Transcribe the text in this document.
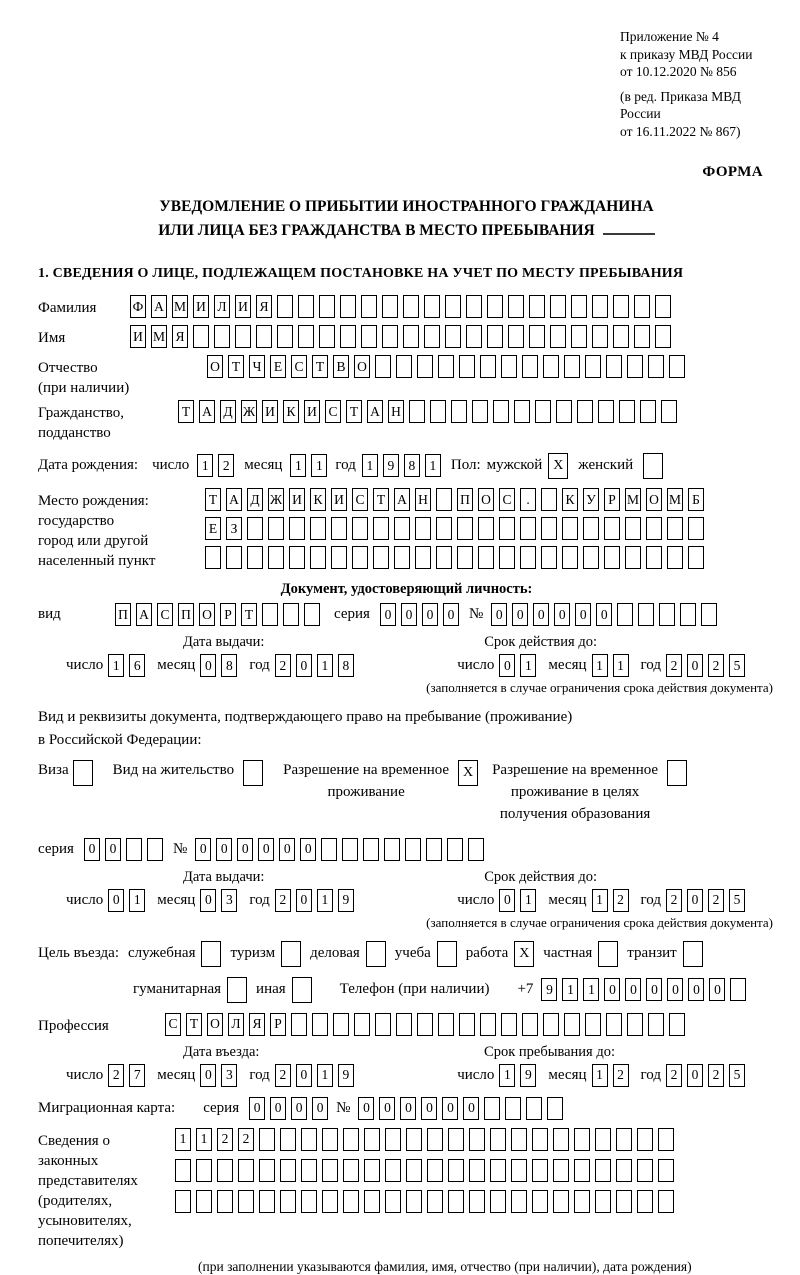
Приложение № 4
к приказу МВД России
от 10.12.2020 № 856
(в ред. Приказа МВД России
от 16.11.2022 № 867)
ФОРМА
УВЕДОМЛЕНИЕ О ПРИБЫТИИ ИНОСТРАННОГО ГРАЖДАНИНА
ИЛИ ЛИЦА БЕЗ ГРАЖДАНСТВА В МЕСТО ПРЕБЫВАНИЯ
1. СВЕДЕНИЯ О ЛИЦЕ, ПОДЛЕЖАЩЕМ ПОСТАНОВКЕ НА УЧЕТ ПО МЕСТУ ПРЕБЫВАНИЯ
Фамилия	Ф А М И Л И Я
Имя	И М Я
Отчество
(при наличии)
О Т Ч Е С Т В О
Гражданство,
подданство
Т А Д Ж И К И С Т А Н
Дата рождения: число 1	2 месяц 1	1 год 1	9	8	1 Пол: мужской X женский
Место рождения:
государство
город или другой
населенный пункт
Т А Д Ж И К И С Т А Н П О С	.	К У Р М О М Б
Е З
Документ, удостоверяющий личность:
вид	П А С П О Р Т	серия	0	0	0	0 № 0	0	0	0	0	0
Дата выдачи:	Срок действия до:
число 1	6	месяц 0	8	год 2	0	1	8	число 0	1	месяц 1	1	год 2	0	2	5
(заполняется в случае ограничения срока действия документа)
Вид и реквизиты документа, подтверждающего право на пребывание (проживание)
в Российской Федерации:
Виза	Вид на жительство	Разрешение на временное
проживание
X	Разрешение на временное
проживание в целях
получения образования
серия	0	0	№ 0	0	0	0	0	0
Дата выдачи:	Срок действия до:
число 0	1	месяц 0	3	год 2	0	1	9	число 0	1	месяц 1	2	год 2	0	2	5
(заполняется в случае ограничения срока действия документа)
Цель въезда: служебная туризм деловая учеба работа X частная транзит
гуманитарная иная	Телефон (при наличии) +7 9	1	1	0	0	0	0	0	0
Профессия	С Т О Л Я Р
Дата въезда:	Срок пребывания до:
число 2	7	месяц 0	3	год 2	0	1	9	число 1	9	месяц 1	2	год 2	0	2	5
Миграционная карта: серия	0	0	0	0 № 0	0	0	0	0	0
Сведения о
законных
представителях
(родителях,
усыновителях,
попечителях)
1	1	2	2
(при заполнении указываются фамилия, имя, отчество (при наличии), дата рождения)
